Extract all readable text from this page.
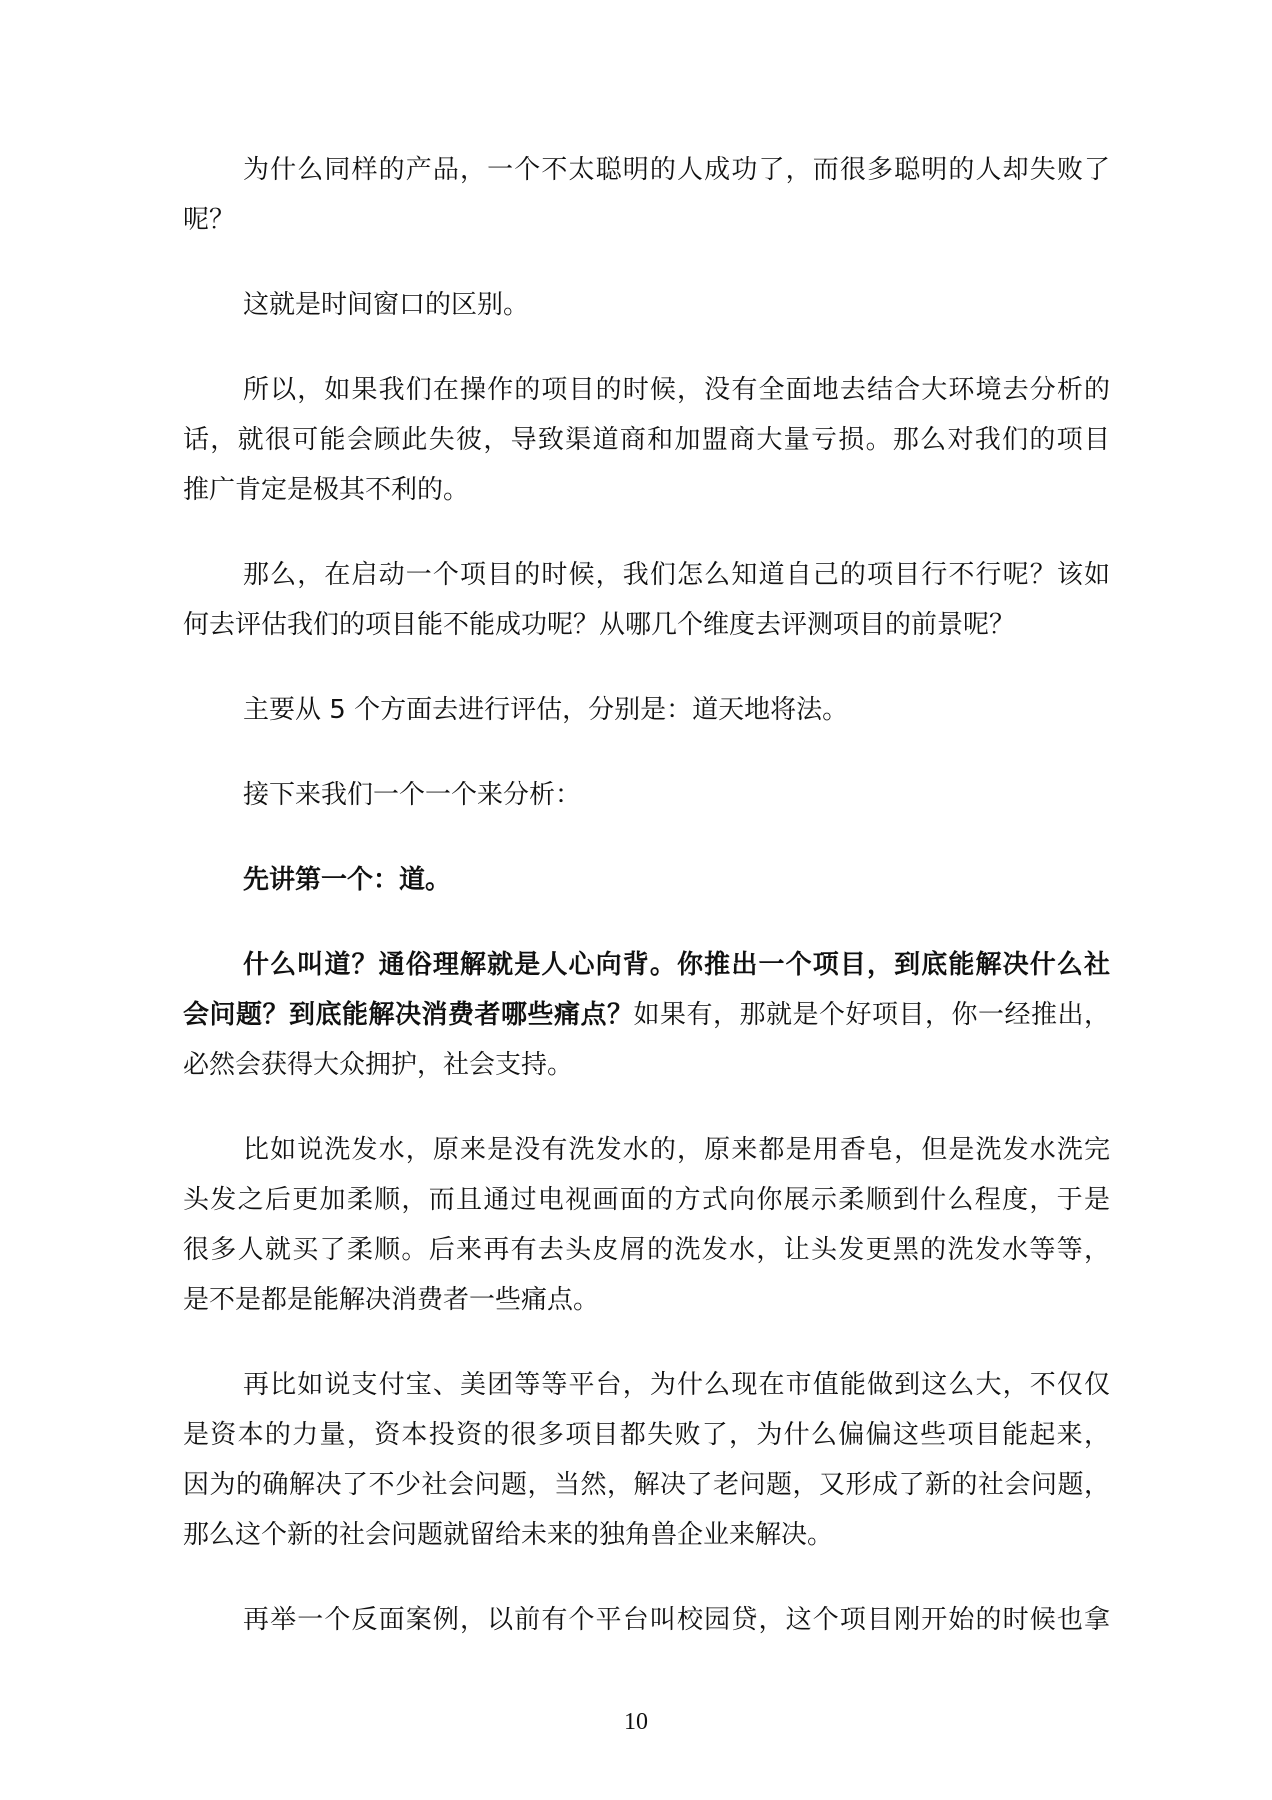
为什么同样的产品，一个不太聪明的人成功了，而很多聪明的人却失败了
呢？
这就是时间窗口的区别。
所以，如果我们在操作的项目的时候，没有全面地去结合大环境去分析的
话，就很可能会顾此失彼，导致渠道商和加盟商大量亏损。那么对我们的项目
推广肯定是极其不利的。
那么，在启动一个项目的时候，我们怎么知道自己的项目行不行呢？该如
何去评估我们的项目能不能成功呢？从哪几个维度去评测项目的前景呢？
主要从 5 个方面去进行评估，分别是：道天地将法。
接下来我们一个一个来分析：
先讲第一个：道。
什么叫道？通俗理解就是人心向背。你推出一个项目，到底能解决什么社
会问题？到底能解决消费者哪些痛点？如果有，那就是个好项目，你一经推出，
必然会获得大众拥护，社会支持。
比如说洗发水，原来是没有洗发水的，原来都是用香皂，但是洗发水洗完
头发之后更加柔顺，而且通过电视画面的方式向你展示柔顺到什么程度，于是
很多人就买了柔顺。后来再有去头皮屑的洗发水，让头发更黑的洗发水等等，
是不是都是能解决消费者一些痛点。
再比如说支付宝、美团等等平台，为什么现在市值能做到这么大，不仅仅
是资本的力量，资本投资的很多项目都失败了，为什么偏偏这些项目能起来，
因为的确解决了不少社会问题，当然，解决了老问题，又形成了新的社会问题，
那么这个新的社会问题就留给未来的独角兽企业来解决。
再举一个反面案例，以前有个平台叫校园贷，这个项目刚开始的时候也拿
10
